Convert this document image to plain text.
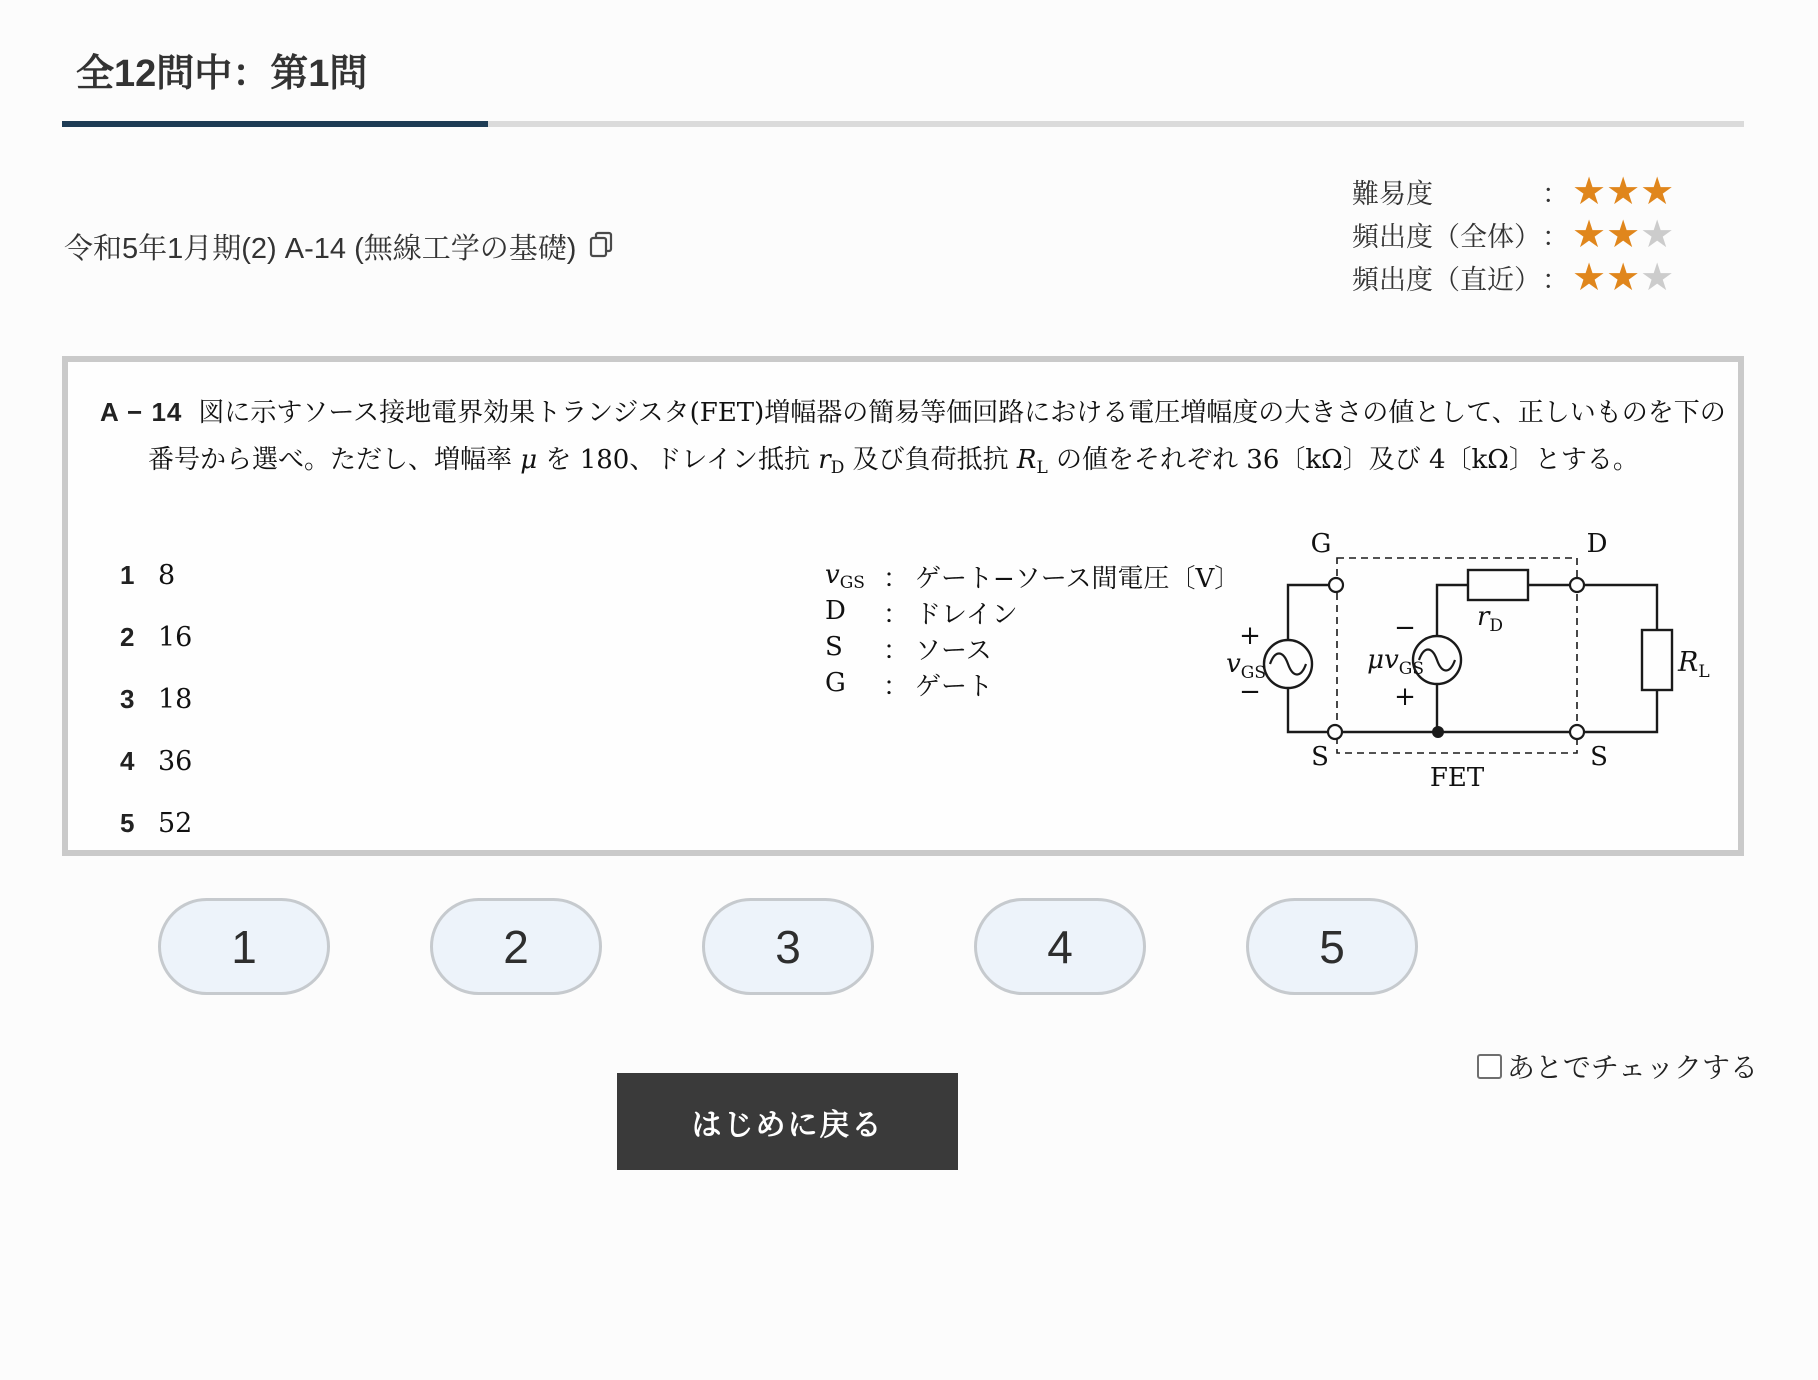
全12問中：第1問
難易度	： ★★★
頻出度（全体） ： ★★★
頻出度（直近） ： ★★★
令和5年1月期(2) A-14 (無線工学の基礎)
A − 14 図に示すソース接地電界効果トランジスタ(FET)増幅器の簡易等価回路における電圧増幅度の大きさの値として、正しいものを下の
番号から選べ。ただし、増幅率 μ を 180、ドレイン抵抗 $r_D$ 及び負荷抵抗 $R_L$ の値をそれぞれ 36〔kΩ〕及び 4〔kΩ〕とする。
1 8
2 16
3 18
4 36
5 52
$v_{GS}$ ： ゲート−ソース間電圧〔V〕
D	： ドレイン
S	： ソース
G	： ゲート
G	D
S	S
FET
+
−
−
+
$v_{GS}$	$\mu v_{GS}$
$r_D$
$R_L$
1	2	3	4	5
あとでチェックする
はじめに戻る
